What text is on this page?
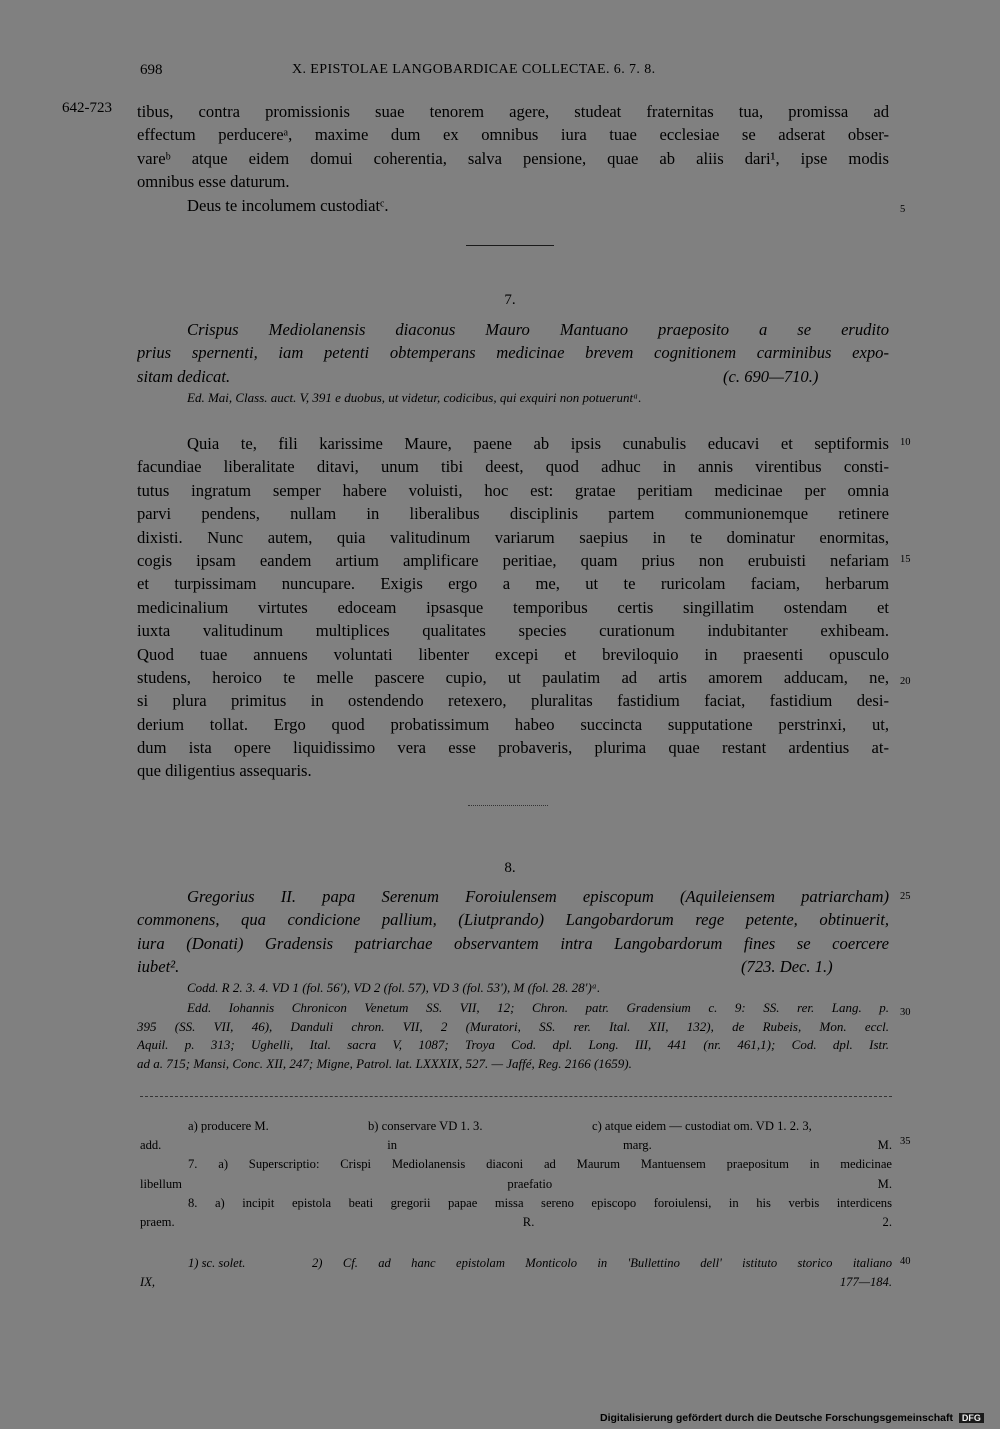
698	X. EPISTOLAE LANGOBARDICAE COLLECTAE. 6. 7. 8.
642-723 tibus, contra promissionis suae tenorem agere, studeat fraternitas tua, promissa ad
effectum perducereᵃ, maxime dum ex omnibus iura tuae ecclesiae se adserat obser-
vareᵇ atque eidem domui coherentia, salva pensione, quae ab aliis dari¹, ipse modis
omnibus esse daturum.
Deus te incolumem custodiatᶜ.
7.
Crispus Mediolanensis diaconus Mauro Mantuano praeposito a se erudito
prius spernenti, iam petenti obtemperans medicinae brevem cognitionem carminibus expo-
sitam dedicat.	(c. 690—710.)
Ed. Mai, Class. auct. V, 391 e duobus, ut videtur, codicibus, qui exquiri non potueruntᵃ.
Quia te, fili karissime Maure, paene ab ipsis cunabulis educavi et septiformis
facundiae liberalitate ditavi, unum tibi deest, quod adhuc in annis virentibus consti-
tutus ingratum semper habere voluisti, hoc est: gratae peritiam medicinae per omnia
parvi pendens, nullam in liberalibus disciplinis partem communionemque retinere
dixisti. Nunc autem, quia valitudinum variarum saepius in te dominatur enormitas,
cogis ipsam eandem artium amplificare peritiae, quam prius non erubuisti nefariam
et turpissimam nuncupare. Exigis ergo a me, ut te ruricolam faciam, herbarum
medicinalium virtutes edoceam ipsasque temporibus certis singillatim ostendam et
iuxta valitudinum multiplices qualitates species curationum indubitanter exhibeam.
Quod tuae annuens voluntati libenter excepi et breviloquio in praesenti opusculo
studens, heroico te melle pascere cupio, ut paulatim ad artis amorem adducam, ne,
si plura primitus in ostendendo retexero, pluralitas fastidium faciat, fastidium desi-
derium tollat. Ergo quod probatissimum habeo succincta supputatione perstrinxi, ut,
dum ista opere liquidissimo vera esse probaveris, plurima quae restant ardentius at-
que diligentius assequaris.
8.
Gregorius II. papa Serenum Foroiulensem episcopum (Aquileiensem patriarcham)
commonens, qua condicione pallium, (Liutprando) Langobardorum rege petente, obtinuerit,
iura (Donati) Gradensis patriarchae observantem intra Langobardorum fines se coercere
iubet².	(723. Dec. 1.)
Codd. R 2. 3. 4. VD 1 (fol. 56'), VD 2 (fol. 57), VD 3 (fol. 53'), M (fol. 28. 28')ᵃ.
Edd. Iohannis Chronicon Venetum SS. VII, 12; Chron. patr. Gradensium c. 9: SS. rer. Lang. p.
395 (SS. VII, 46), Danduli chron. VII, 2 (Muratori, SS. rer. Ital. XII, 132), de Rubeis, Mon. eccl.
Aquil. p. 313; Ughelli, Ital. sacra V, 1087; Troya Cod. dpl. Long. III, 441 (nr. 461,1); Cod. dpl. Istr.
ad a. 715; Mansi, Conc. XII, 247; Migne, Patrol. lat. LXXXIX, 527. — Jaffé, Reg. 2166 (1659).
5
10
15
20
25
30
35
40
a) producere M.	b) conservare VD 1. 3.	c) atque eidem — custodiat om. VD 1. 2. 3,
add. in marg. M.
7. a) Superscriptio: Crispi Mediolanensis diaconi ad Maurum Mantuensem praepositum in medicinae
libellum praefatio M.
8. a) incipit epistola beati gregorii papae missa sereno episcopo foroiulensi, in his verbis interdicens
praem. R. 2.
1) sc. solet.	2) Cf. ad hanc epistolam Monticolo in 'Bullettino dell' istituto storico italiano
IX, 177—184.
Digitalisierung gefördert durch die Deutsche Forschungsgemeinschaft DFG
